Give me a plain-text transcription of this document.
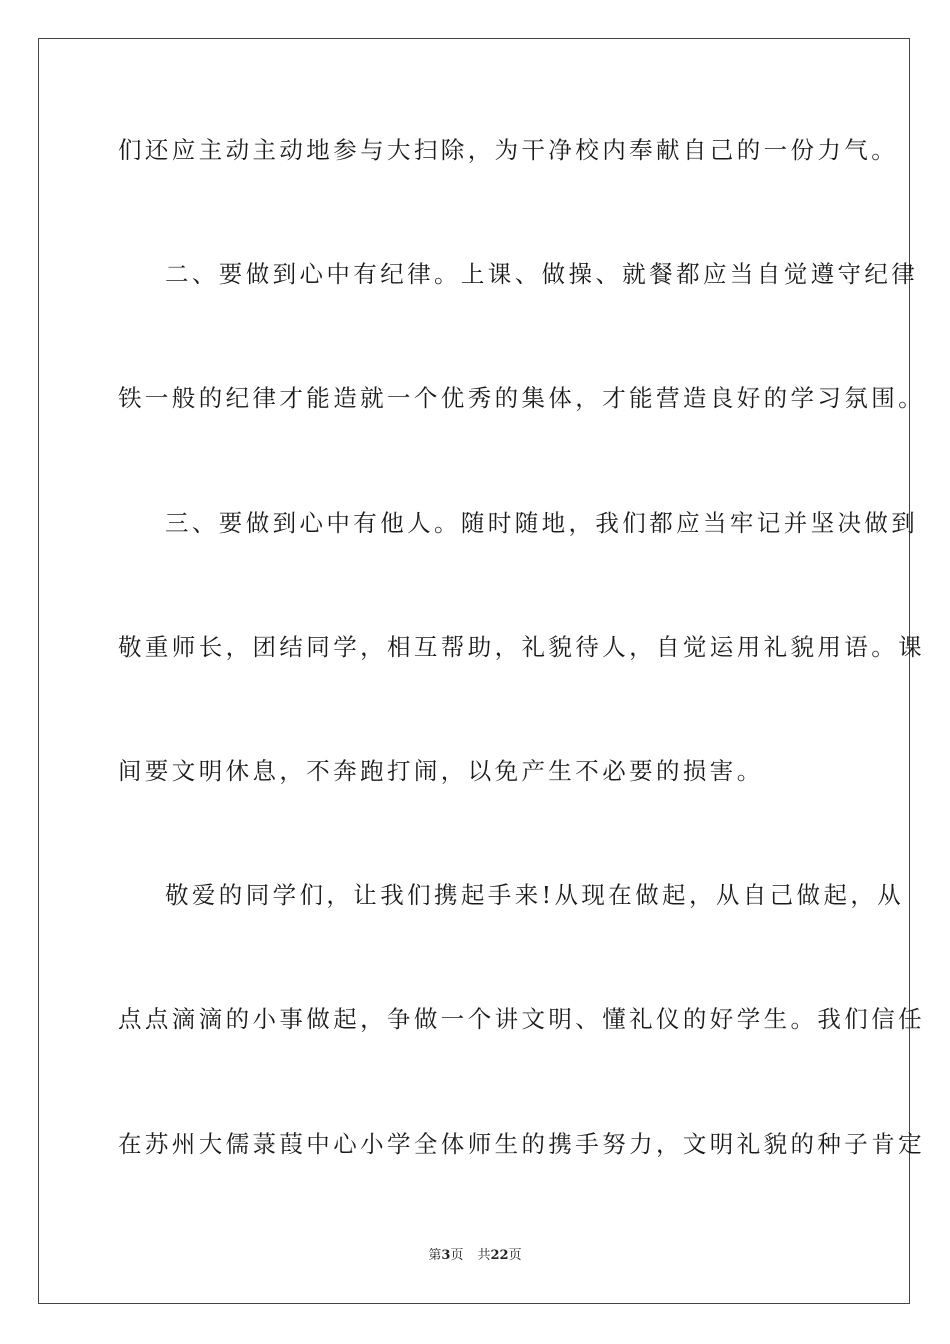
们还应主动主动地参与大扫除，为干净校内奉献自己的一份力气。
二、要做到心中有纪律。上课、做操、就餐都应当自觉遵守纪律
铁一般的纪律才能造就一个优秀的集体，才能营造良好的学习氛围。
三、要做到心中有他人。随时随地，我们都应当牢记并坚决做到
敬重师长，团结同学，相互帮助，礼貌待人，自觉运用礼貌用语。课
间要文明休息，不奔跑打闹，以免产生不必要的损害。
敬爱的同学们，让我们携起手来!从现在做起，从自己做起，从
点点滴滴的小事做起，争做一个讲文明、懂礼仪的好学生。我们信任
在苏州大儒菉葭中心小学全体师生的携手努力，文明礼貌的种子肯定
第3页 共22页
